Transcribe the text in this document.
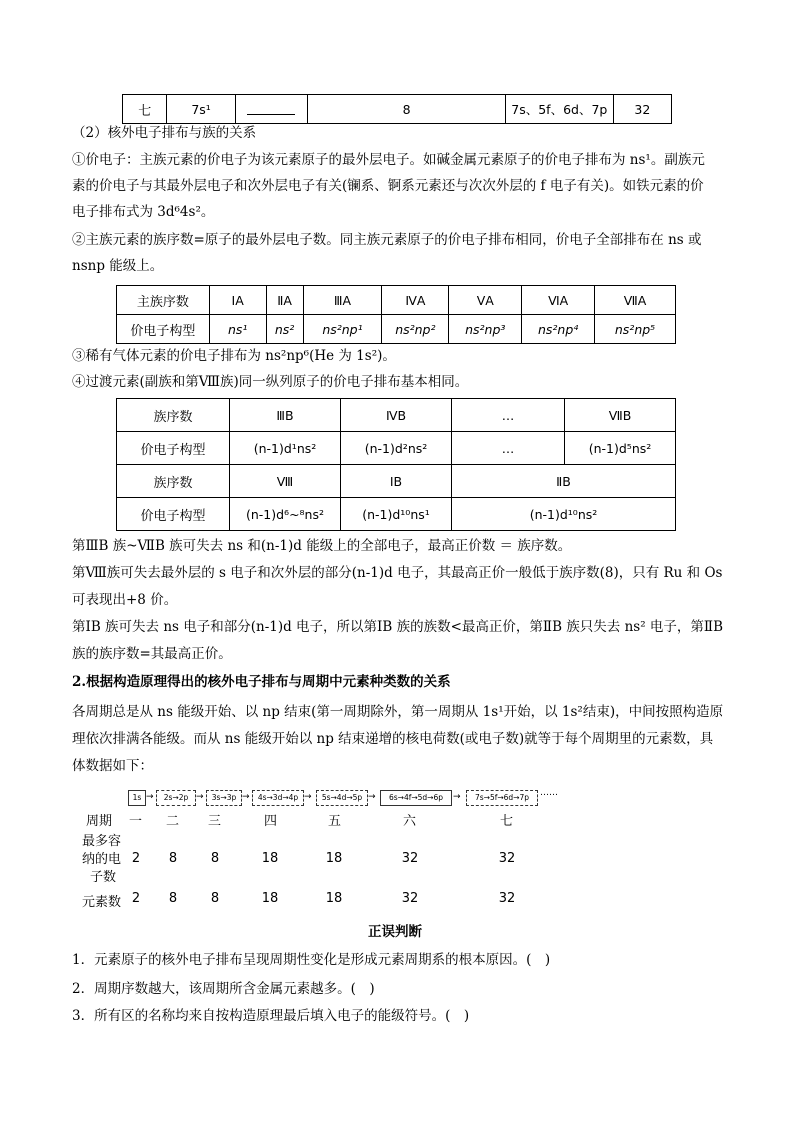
七	7s¹		8	7s、5f、6d、7p	32

（2）核外电子排布与族的关系

①价电子：主族元素的价电子为该元素原子的最外层电子。如碱金属元素原子的价电子排布为 ns¹。副族元

素的价电子与其最外层电子和次外层电子有关(镧系、锕系元素还与次次外层的 f 电子有关)。如铁元素的价

电子排布式为 3d⁶4s²。

②主族元素的族序数=原子的最外层电子数。同主族元素原子的价电子排布相同，价电子全部排布在 ns 或

nsnp 能级上。

主族序数	ⅠA	ⅡA	ⅢA	ⅣA	ⅤA	ⅥA	ⅦA
价电子构型	ns¹	ns²	ns²np¹	ns²np²	ns²np³	ns²np⁴	ns²np⁵

③稀有气体元素的价电子排布为 ns²np⁶(He 为 1s²)。

④过渡元素(副族和第Ⅷ族)同一纵列原子的价电子排布基本相同。

族序数	ⅢB	ⅣB	…	ⅦB
价电子构型	(n-1)d¹ns²	(n-1)d²ns²	…	(n-1)d⁵ns²
族序数	Ⅷ	ⅠB	ⅡB	
价电子构型	(n-1)d⁶~⁸ns²	(n-1)d¹⁰ns¹	(n-1)d¹⁰ns²	

第ⅢB 族~ⅦB 族可失去 ns 和(n-1)d 能级上的全部电子，最高正价数 ＝ 族序数。

第Ⅷ族可失去最外层的 s 电子和次外层的部分(n-1)d 电子，其最高正价一般低于族序数(8)，只有 Ru 和 Os

可表现出+8 价。

第ⅠB 族可失去 ns 电子和部分(n-1)d 电子，所以第ⅠB 族的族数<最高正价，第ⅡB 族只失去 ns² 电子，第ⅡB

族的族序数=其最高正价。

2.根据构造原理得出的核外电子排布与周期中元素种类数的关系

各周期总是从 ns 能级开始、以 np 结束(第一周期除外，第一周期从 1s¹开始，以 1s²结束)，中间按照构造原

理依次排满各能级。而从 ns 能级开始以 np 结束递增的核电荷数(或电子数)就等于每个周期里的元素数，具

体数据如下：

1s →	2s→2p →	3s→3p →	4s→3d→4p →	5s→4d→5p →	6s→4f→5d→6p	→	7s→5f→6d→7p	……
周期 一 二 三	四	五	六	七
最多容
纳的电
子数
2	8	8	18	18	32	32
元素数 2	8	8	18	18	32	32

正误判断

1．元素原子的核外电子排布呈现周期性变化是形成元素周期系的根本原因。(　)

2．周期序数越大，该周期所含金属元素越多。(　)

3．所有区的名称均来自按构造原理最后填入电子的能级符号。(　)
